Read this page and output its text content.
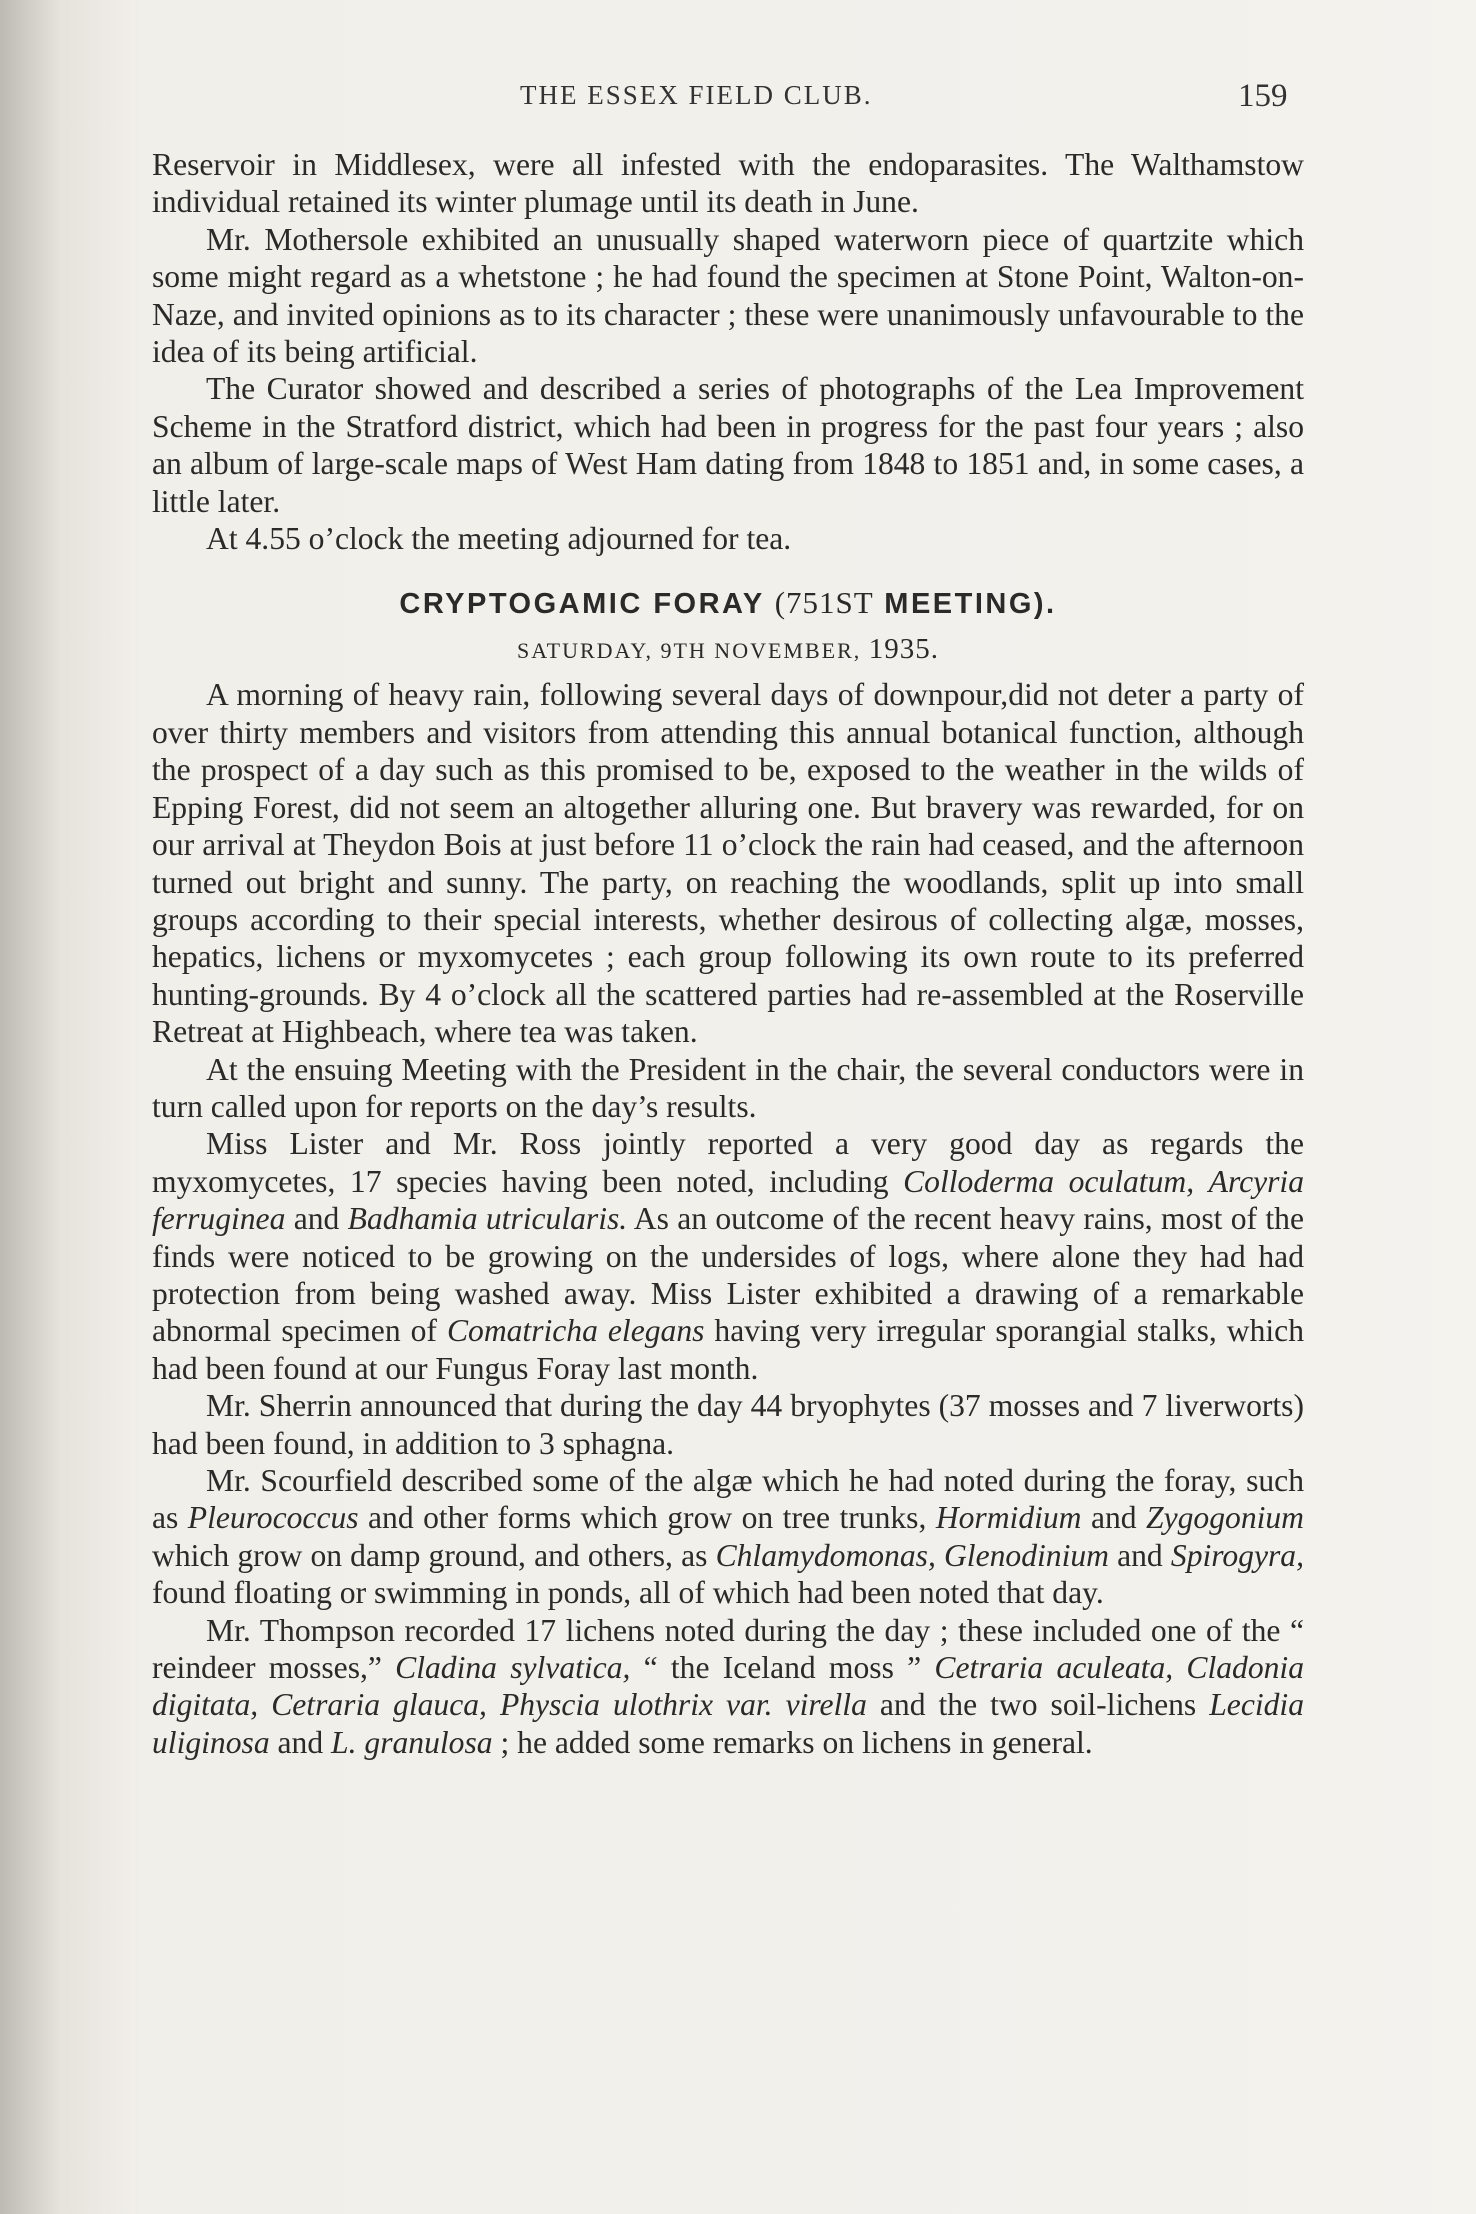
THE ESSEX FIELD CLUB.	159

Reservoir in Middlesex, were all infested with the endoparasites. The Walthamstow individual retained its winter plumage until its death in June.

Mr. Mothersole exhibited an unusually shaped waterworn piece of quartzite which some might regard as a whetstone ; he had found the specimen at Stone Point, Walton-on-Naze, and invited opinions as to its character ; these were unanimously unfavourable to the idea of its being artificial.

The Curator showed and described a series of photographs of the Lea Improvement Scheme in the Stratford district, which had been in progress for the past four years ; also an album of large-scale maps of West Ham dating from 1848 to 1851 and, in some cases, a little later.

At 4.55 o’clock the meeting adjourned for tea.

CRYPTOGAMIC FORAY (751ST MEETING).
SATURDAY, 9TH NOVEMBER, 1935.

A morning of heavy rain, following several days of downpour,did not deter a party of over thirty members and visitors from attending this annual botanical function, although the prospect of a day such as this promised to be, exposed to the weather in the wilds of Epping Forest, did not seem an altogether alluring one. But bravery was rewarded, for on our arrival at Theydon Bois at just before 11 o’clock the rain had ceased, and the afternoon turned out bright and sunny. The party, on reaching the woodlands, split up into small groups according to their special interests, whether desirous of collecting algæ, mosses, hepatics, lichens or myxomycetes ; each group following its own route to its preferred hunting-grounds. By 4 o’clock all the scattered parties had re-assembled at the Roserville Retreat at Highbeach, where tea was taken.

At the ensuing Meeting with the President in the chair, the several conductors were in turn called upon for reports on the day’s results.

Miss Lister and Mr. Ross jointly reported a very good day as regards the myxomycetes, 17 species having been noted, including Collodermа oculatum, Arcyria ferruginea and Badhamia utricularis. As an outcome of the recent heavy rains, most of the finds were noticed to be growing on the undersides of logs, where alone they had had protection from being washed away. Miss Lister exhibited a drawing of a remarkable abnormal specimen of Comatricha elegans having very irregular sporangial stalks, which had been found at our Fungus Foray last month.

Mr. Sherrin announced that during the day 44 bryophytes (37 mosses and 7 liverworts) had been found, in addition to 3 sphagna.

Mr. Scourfield described some of the algæ which he had noted during the foray, such as Pleurococcus and other forms which grow on tree trunks, Hormidium and Zygogonium which grow on damp ground, and others, as Chlamydomonas, Glenodinium and Spirogyra, found floating or swimming in ponds, all of which had been noted that day.

Mr. Thompson recorded 17 lichens noted during the day ; these included one of the “ reindeer mosses,” Cladina sylvatica, “ the Iceland moss ” Cetraria aculeata, Cladonia digitata, Cetraria glauca, Physcia ulothrix var. virella and the two soil-lichens Lecidia uliginosa and L. granulosa ; he added some remarks on lichens in general.
